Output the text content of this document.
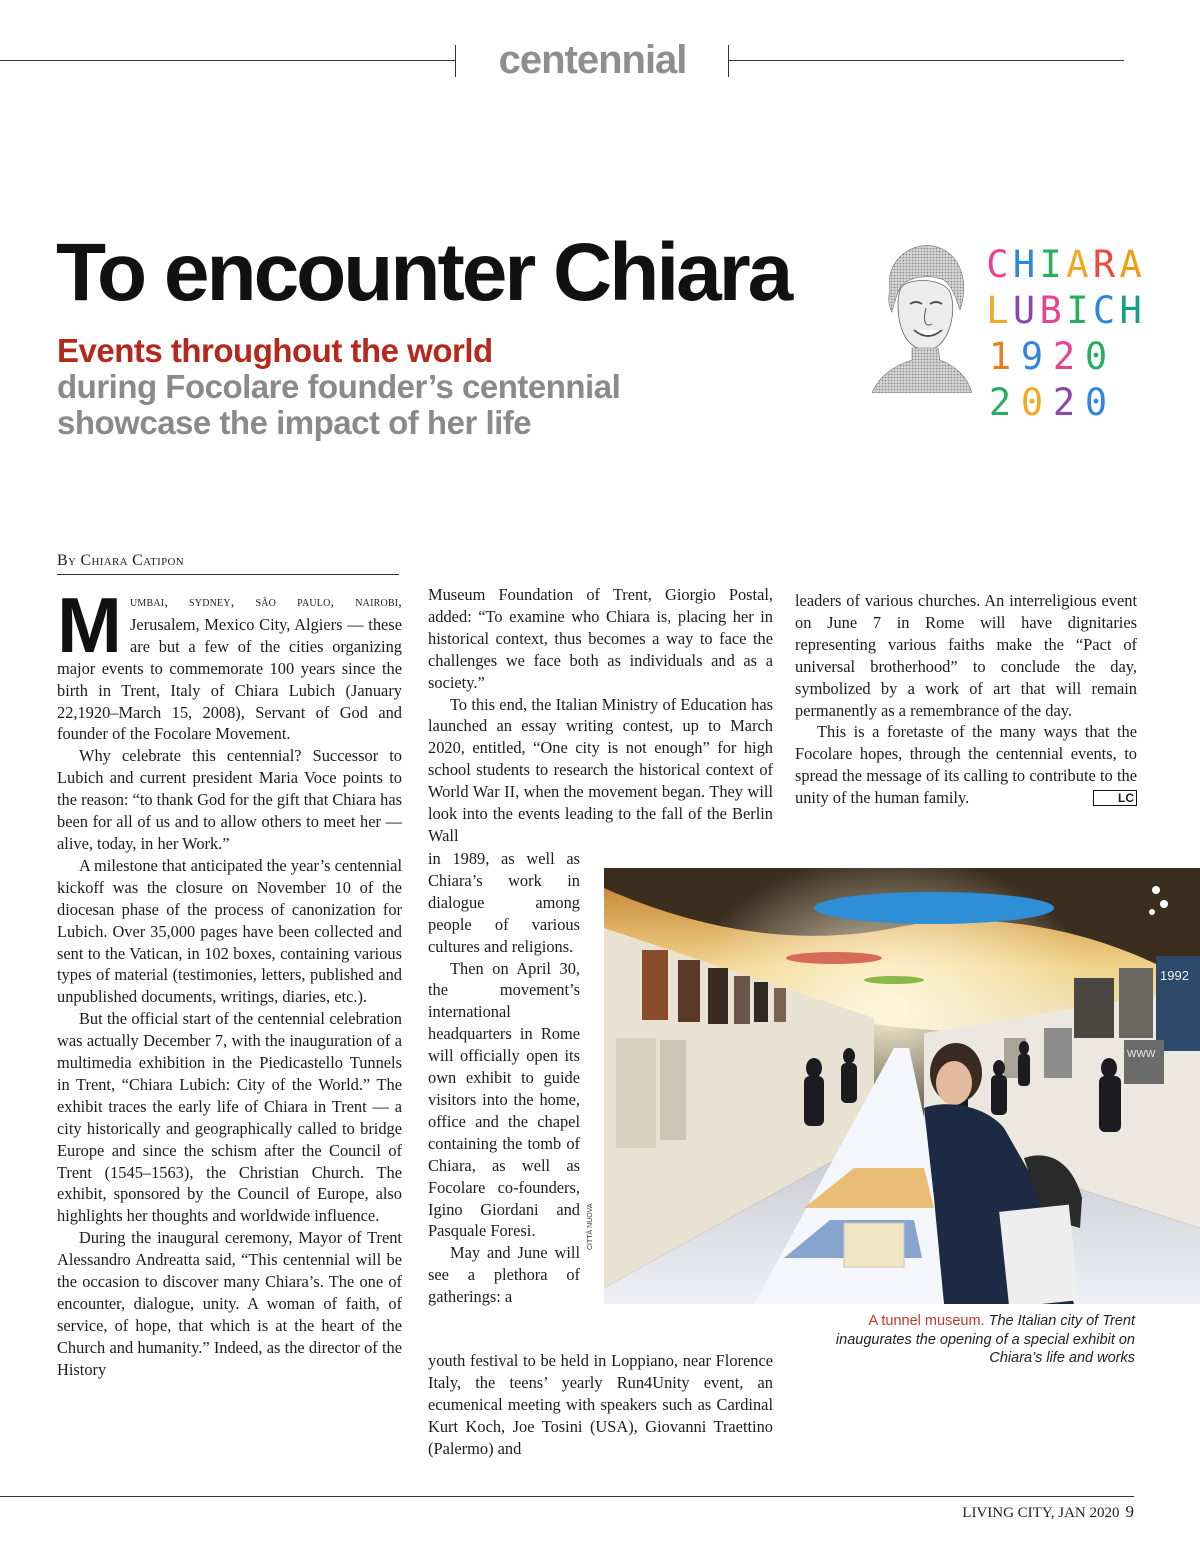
centennial
To encounter Chiara
Events throughout the world
during Focolare founder’s centennial
showcase the impact of her life
C H I A R A
L U B I C H
1 9 2 0
2 0 2 0
By Chiara Catipon

Mumbai, sydney, são paulo, nairobi, Jerusalem, Mexico City, Algiers — these are but a few of the cities organizing major events to commemorate 100 years since the birth in Trent, Italy of Chiara Lubich (January 22,1920–March 15, 2008), Servant of God and founder of the Focolare Movement.

Why celebrate this centennial? Successor to Lubich and current president Maria Voce points to the reason: “to thank God for the gift that Chiara has been for all of us and to allow others to meet her — alive, today, in her Work.”

A milestone that anticipated the year’s centennial kickoff was the closure on November 10 of the diocesan phase of the process of canonization for Lubich. Over 35,000 pages have been collected and sent to the Vatican, in 102 boxes, containing various types of material (testimonies, letters, published and unpublished documents, writings, diaries, etc.).

But the official start of the centennial celebration was actually December 7, with the inauguration of a multimedia exhibition in the Piedicastello Tunnels in Trent, “Chiara Lubich: City of the World.” The exhibit traces the early life of Chiara in Trent — a city historically and geographically called to bridge Europe and since the schism after the Council of Trent (1545–1563), the Christian Church. The exhibit, sponsored by the Council of Europe, also highlights her thoughts and worldwide influence.

During the inaugural ceremony, Mayor of Trent Alessandro Andreatta said, “This centennial will be the occasion to discover many Chiara’s. The one of encounter, dialogue, unity. A woman of faith, of service, of hope, that which is at the heart of the Church and humanity.” Indeed, as the director of the History

Museum Foundation of Trent, Giorgio Postal, added: “To examine who Chiara is, placing her in historical context, thus becomes a way to face the challenges we face both as individuals and as a society.”

To this end, the Italian Ministry of Education has launched an essay writing contest, up to March 2020, entitled, “One city is not enough” for high school students to research the historical context of World War II, when the movement began. They will look into the events leading to the fall of the Berlin Wall

in 1989, as well as Chiara’s work in dialogue among people of various cultures and religions.

Then on April 30, the movement’s international headquarters in Rome will officially open its own exhibit to guide visitors into the home, office and the chapel containing the tomb of Chiara, as well as Focolare co-founders, Igino Giordani and Pasquale Foresi.

May and June will see a plethora of gatherings: a

youth festival to be held in Loppiano, near Florence Italy, the teens’ yearly Run4Unity event, an ecumenical meeting with speakers such as Cardinal Kurt Koch, Joe Tosini (USA), Giovanni Traettino (Palermo) and

leaders of various churches. An interreligious event on June 7 in Rome will have dignitaries representing various faiths make the “Pact of universal brotherhood” to conclude the day, symbolized by a work of art that will remain permanently as a remembrance of the day.

This is a foretaste of the many ways that the Focolare hopes, through the centennial events, to spread the message of its calling to contribute to the unity of the human family.	LC

1992
WWW
CITTÀ NUOVA
A tunnel museum. The Italian city of Trent inaugurates the opening of a special exhibit on Chiara’s life and works
LIVING CITY, JAN 2020 9
